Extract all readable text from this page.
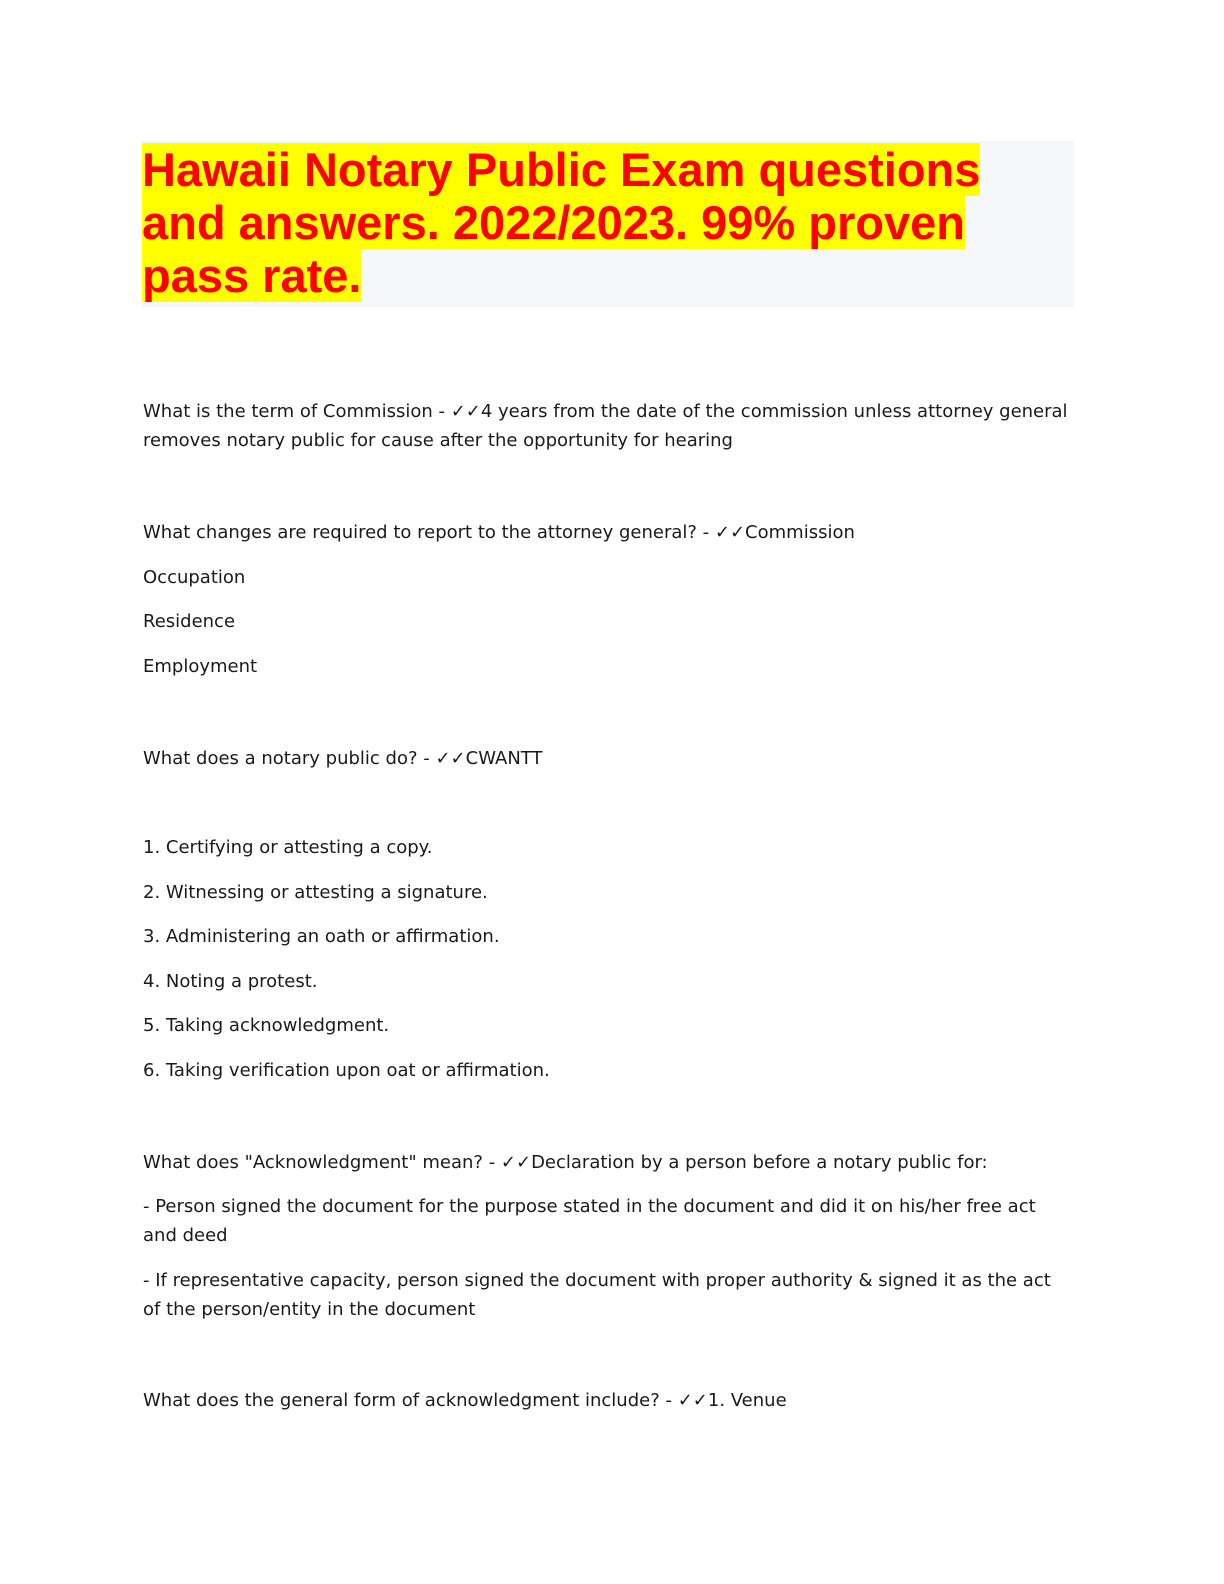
Hawaii Notary Public Exam questions and answers. 2022/2023. 99% proven pass rate.

What is the term of Commission - ✓✓4 years from the date of the commission unless attorney general removes notary public for cause after the opportunity for hearing

What changes are required to report to the attorney general? - ✓✓Commission

Occupation

Residence

Employment

What does a notary public do? - ✓✓CWANTT

1. Certifying or attesting a copy.

2. Witnessing or attesting a signature.

3. Administering an oath or affirmation.

4. Noting a protest.

5. Taking acknowledgment.

6. Taking verification upon oat or affirmation.

What does "Acknowledgment" mean? - ✓✓Declaration by a person before a notary public for:

- Person signed the document for the purpose stated in the document and did it on his/her free act and deed

- If representative capacity, person signed the document with proper authority & signed it as the act of the person/entity in the document

What does the general form of acknowledgment include? - ✓✓1. Venue
